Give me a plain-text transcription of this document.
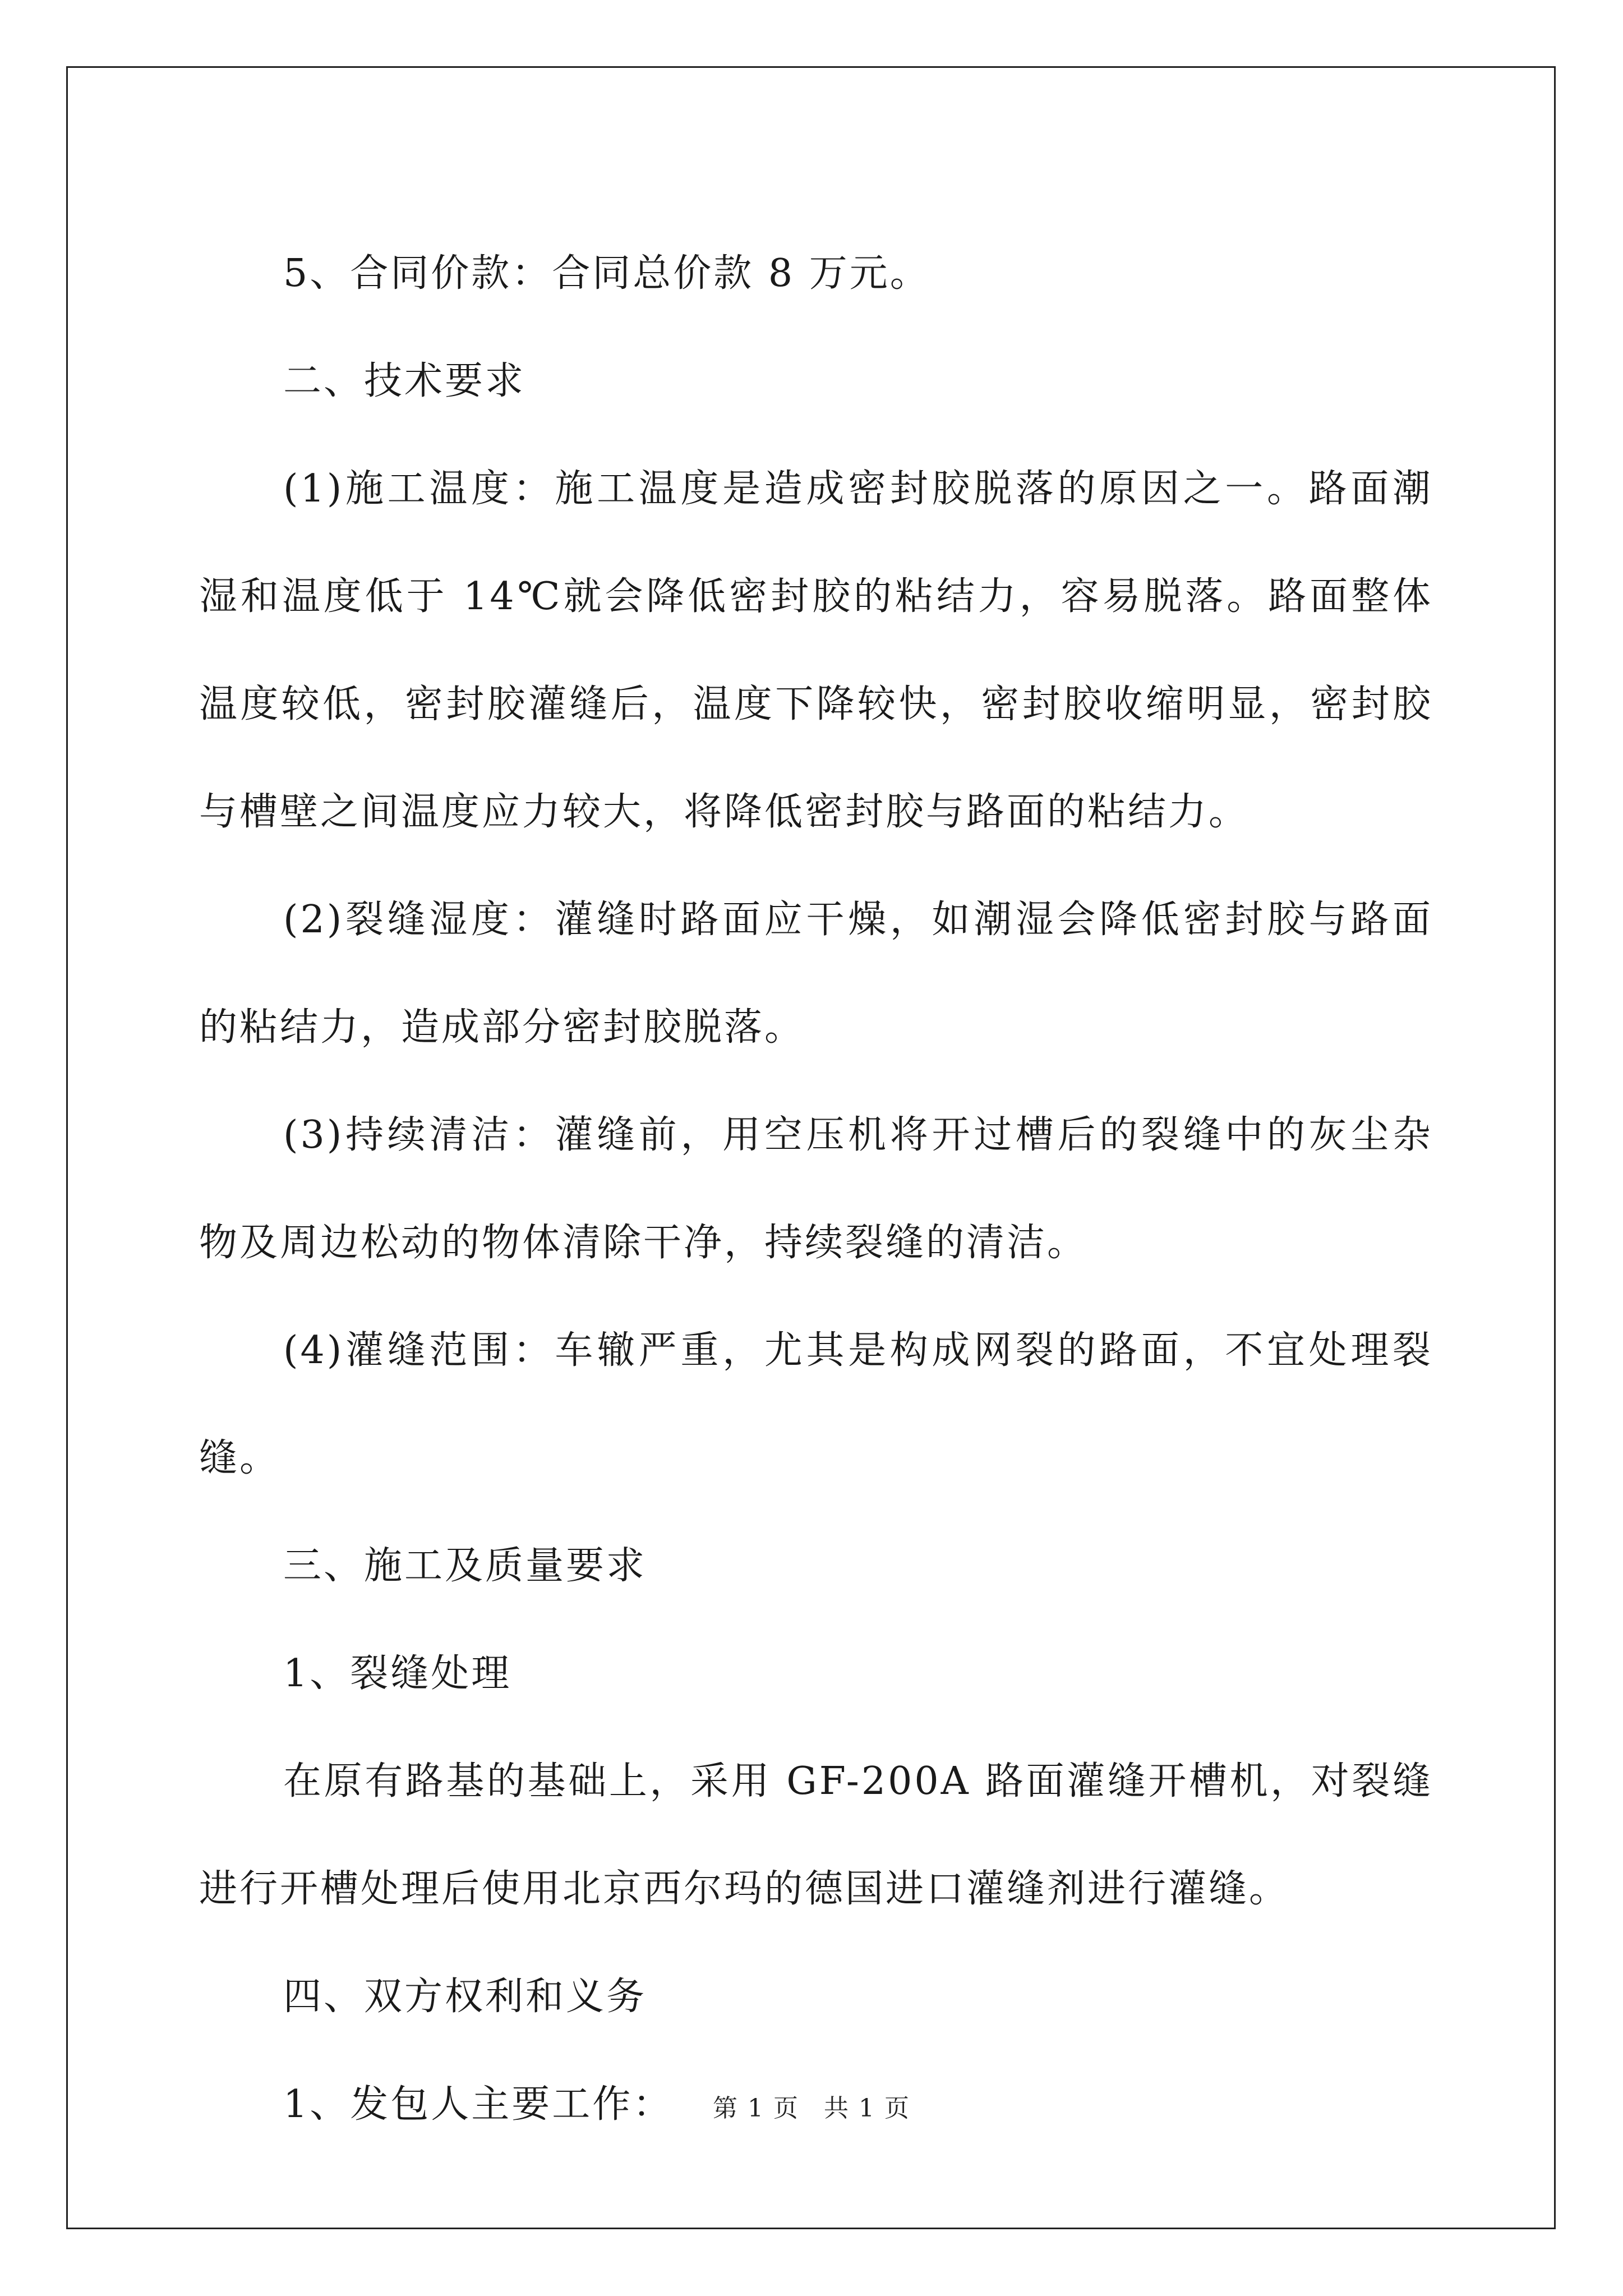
5、合同价款：合同总价款 8 万元。

二、技术要求

(1)施工温度：施工温度是造成密封胶脱落的原因之一。路面潮湿和温度低于 14℃就会降低密封胶的粘结力，容易脱落。路面整体温度较低，密封胶灌缝后，温度下降较快，密封胶收缩明显，密封胶与槽壁之间温度应力较大，将降低密封胶与路面的粘结力。

(2)裂缝湿度：灌缝时路面应干燥，如潮湿会降低密封胶与路面的粘结力，造成部分密封胶脱落。

(3)持续清洁：灌缝前，用空压机将开过槽后的裂缝中的灰尘杂物及周边松动的物体清除干净，持续裂缝的清洁。

(4)灌缝范围：车辙严重，尤其是构成网裂的路面，不宜处理裂缝。

三、施工及质量要求

1、裂缝处理

在原有路基的基础上，采用 GF-200A 路面灌缝开槽机，对裂缝进行开槽处理后使用北京西尔玛的德国进口灌缝剂进行灌缝。

四、双方权利和义务

1、发包人主要工作：	第 1 页 共 1 页
